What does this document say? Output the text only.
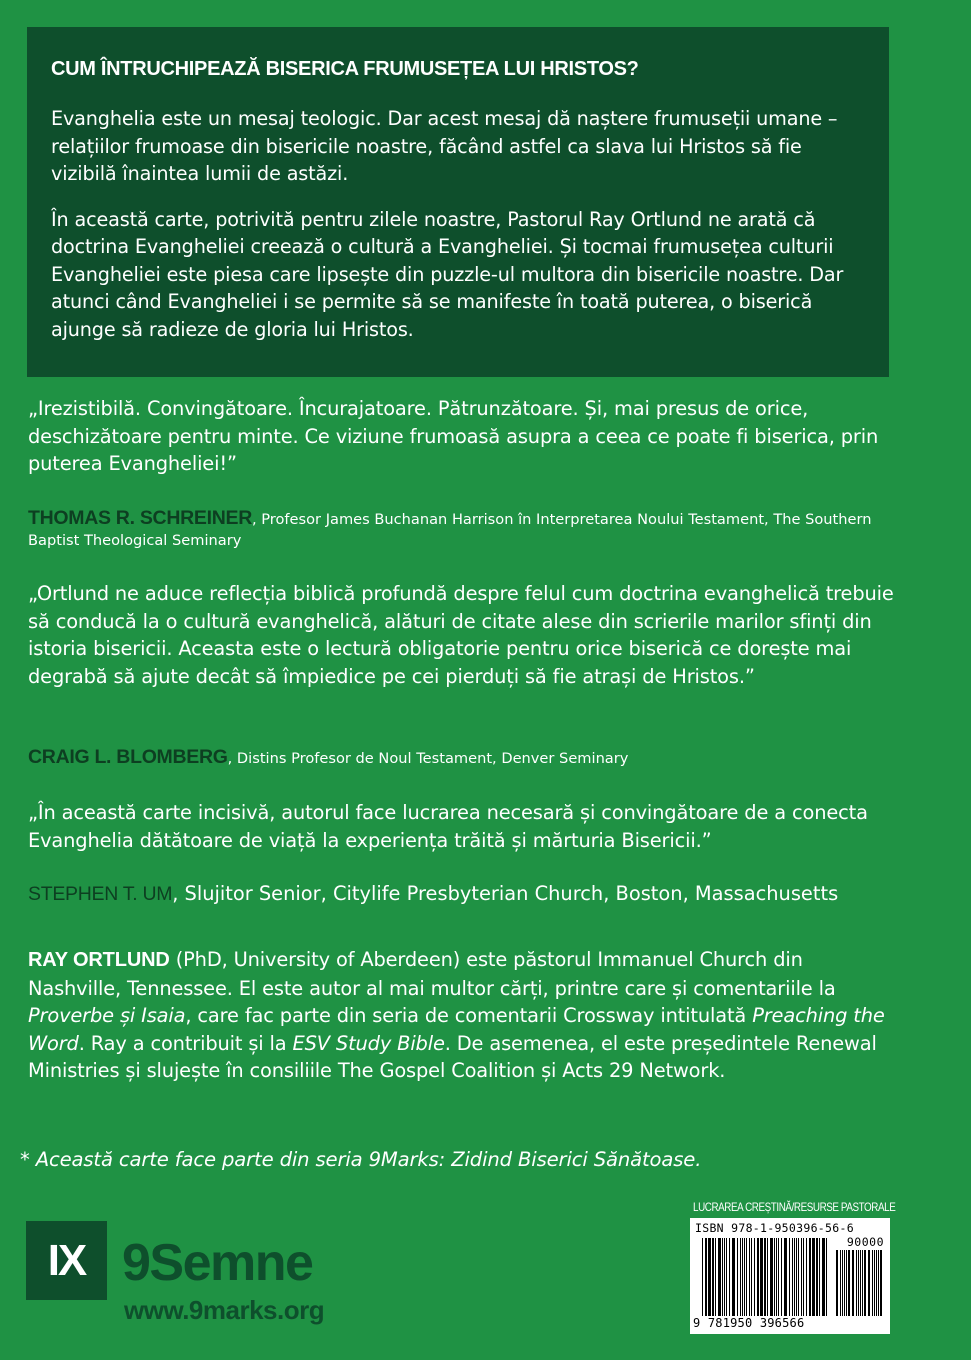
CUM ÎNTRUCHIPEAZĂ BISERICA FRUMUSEȚEA LUI HRISTOS?

Evanghelia este un mesaj teologic. Dar acest mesaj dă naștere frumuseții umane – relațiilor frumoase din bisericile noastre, făcând astfel ca slava lui Hristos să fie vizibilă înaintea lumii de astăzi.

În această carte, potrivită pentru zilele noastre, Pastorul Ray Ortlund ne arată că doctrina Evangheliei creează o cultură a Evangheliei. Și tocmai frumusețea culturii Evangheliei este piesa care lipsește din puzzle-ul multora din bisericile noastre. Dar atunci când Evangheliei i se permite să se manifeste în toată puterea, o biserică ajunge să radieze de gloria lui Hristos.

„Irezistibilă. Convingătoare. Încurajatoare. Pătrunzătoare. Și, mai presus de orice, deschizătoare pentru minte. Ce viziune frumoasă asupra a ceea ce poate fi biserica, prin puterea Evangheliei!”

THOMAS R. SCHREINER, Profesor James Buchanan Harrison în Interpretarea Noului Testament, The Southern Baptist Theological Seminary

„Ortlund ne aduce reflecția biblică profundă despre felul cum doctrina evanghelică trebuie să conducă la o cultură evanghelică, alături de citate alese din scrierile marilor sfinți din istoria bisericii. Aceasta este o lectură obligatorie pentru orice biserică ce dorește mai degrabă să ajute decât să împiedice pe cei pierduți să fie atrași de Hristos.”

CRAIG L. BLOMBERG, Distins Profesor de Noul Testament, Denver Seminary

„În această carte incisivă, autorul face lucrarea necesară și convingătoare de a conecta Evanghelia dătătoare de viață la experiența trăită și mărturia Bisericii.”

STEPHEN T. UM, Slujitor Senior, Citylife Presbyterian Church, Boston, Massachusetts
RAY ORTLUND (PhD, University of Aberdeen) este păstorul Immanuel Church din Nashville, Tennessee. El este autor al mai multor cărți, printre care și comentariile la Proverbe și Isaia, care fac parte din seria de comentarii Crossway intitulată Preaching the Word. Ray a contribuit și la ESV Study Bible. De asemenea, el este președintele Renewal Ministries și slujește în consiliile The Gospel Coalition și Acts 29 Network.
* Această carte face parte din seria 9Marks: Zidind Biserici Sănătoase.
IX 9Semne
www.9marks.org
LUCRAREA CREȘTINĂ/RESURSE PASTORALE
ISBN 978-1-950396-56-6
90000
9 781950 396566
